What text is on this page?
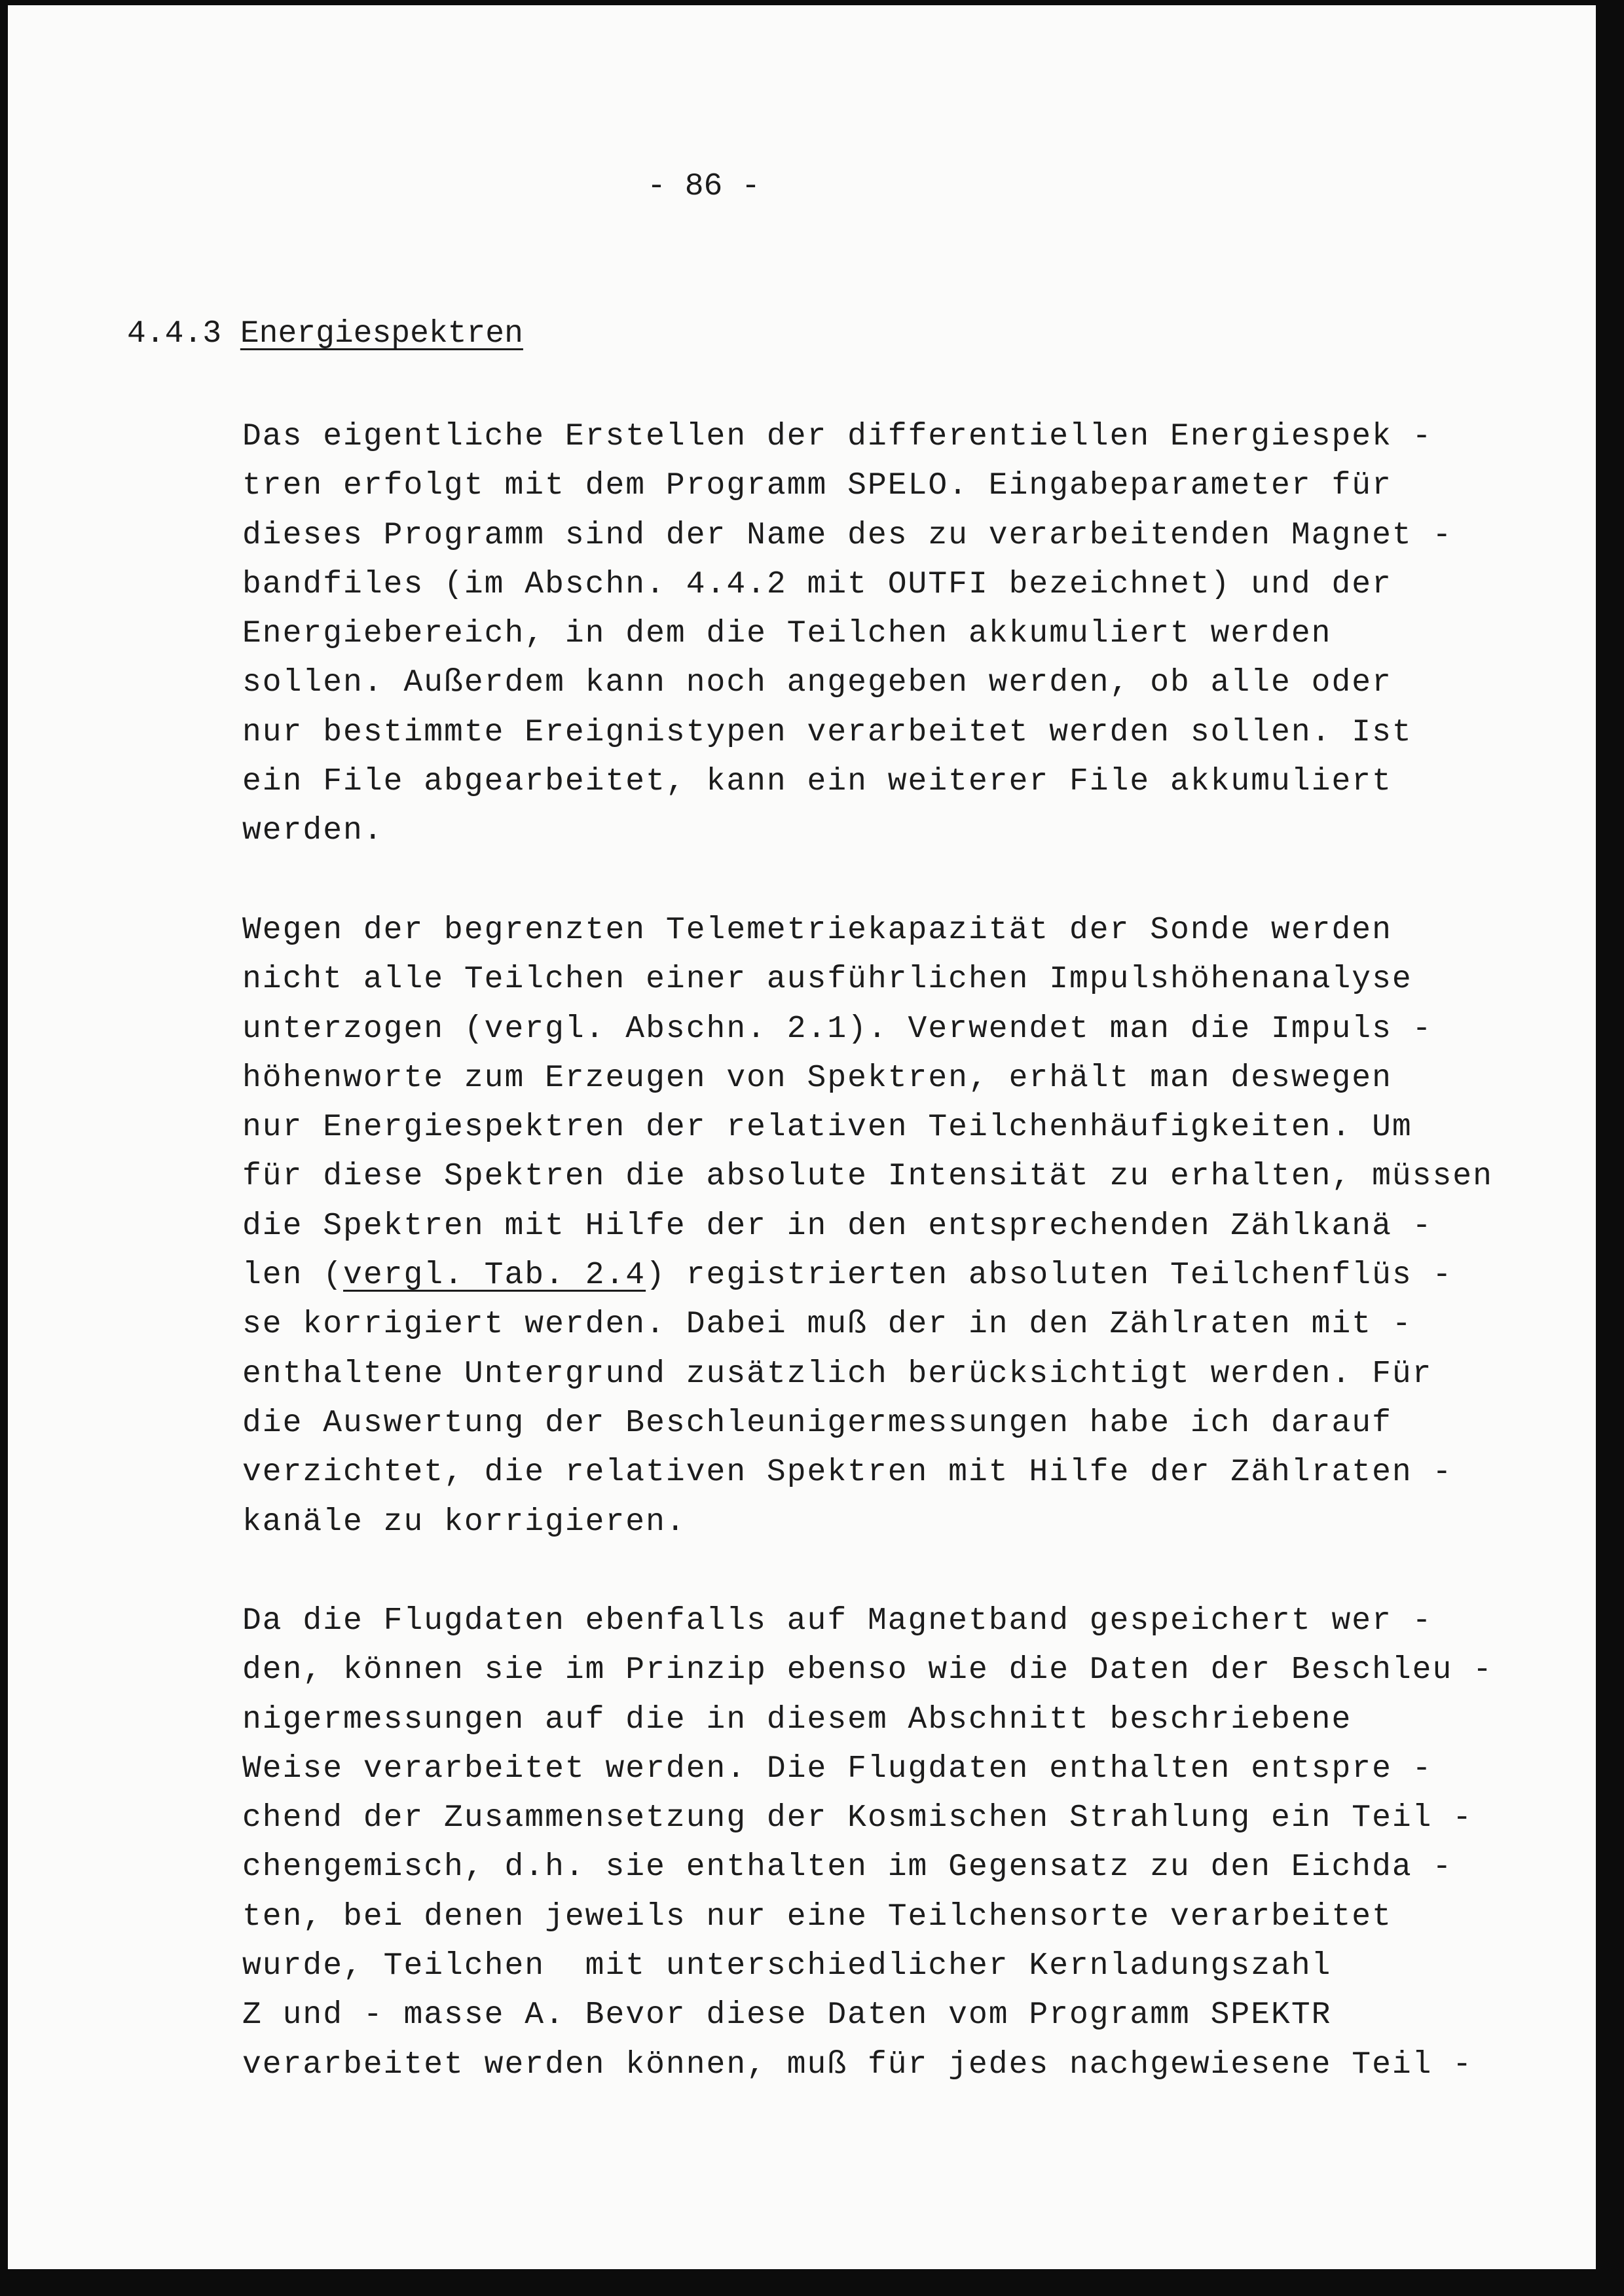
- 86 -
4.4.3 Energiespektren
Das eigentliche Erstellen der differentiellen Energiespek -
tren erfolgt mit dem Programm SPELO. Eingabeparameter für
dieses Programm sind der Name des zu verarbeitenden Magnet -
bandfiles (im Abschn. 4.4.2 mit OUTFI bezeichnet) und der
Energiebereich, in dem die Teilchen akkumuliert werden
sollen. Außerdem kann noch angegeben werden, ob alle oder
nur bestimmte Ereignistypen verarbeitet werden sollen. Ist
ein File abgearbeitet, kann ein weiterer File akkumuliert
werden.
Wegen der begrenzten Telemetriekapazität der Sonde werden
nicht alle Teilchen einer ausführlichen Impulshöhenanalyse
unterzogen (vergl. Abschn. 2.1). Verwendet man die Impuls -
höhenworte zum Erzeugen von Spektren, erhält man deswegen
nur Energiespektren der relativen Teilchenhäufigkeiten. Um
für diese Spektren die absolute Intensität zu erhalten, müssen
die Spektren mit Hilfe der in den entsprechenden Zählkanä -
len (vergl. Tab. 2.4) registrierten absoluten Teilchenflüs -
se korrigiert werden. Dabei muß der in den Zählraten mit -
enthaltene Untergrund zusätzlich berücksichtigt werden. Für
die Auswertung der Beschleunigermessungen habe ich darauf
verzichtet, die relativen Spektren mit Hilfe der Zählraten -
kanäle zu korrigieren.
Da die Flugdaten ebenfalls auf Magnetband gespeichert wer -
den, können sie im Prinzip ebenso wie die Daten der Beschleu -
nigermessungen auf die in diesem Abschnitt beschriebene
Weise verarbeitet werden. Die Flugdaten enthalten entspre -
chend der Zusammensetzung der Kosmischen Strahlung ein Teil -
chengemisch, d.h. sie enthalten im Gegensatz zu den Eichda -
ten, bei denen jeweils nur eine Teilchensorte verarbeitet
wurde, Teilchen  mit unterschiedlicher Kernladungszahl
Z und - masse A. Bevor diese Daten vom Programm SPEKTR
verarbeitet werden können, muß für jedes nachgewiesene Teil -
